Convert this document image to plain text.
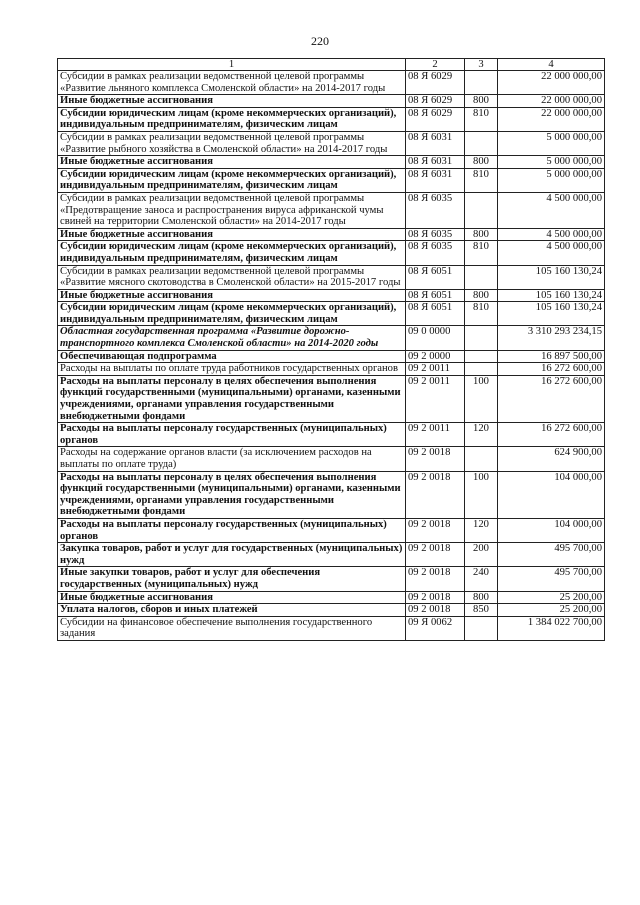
220
1	2	3	4
Субсидии в рамках реализации ведомственной целевой программы «Развитие льняного комплекса Смоленской области» на 2014-2017 годы	08 Я 6029		22 000 000,00
Иные бюджетные ассигнования	08 Я 6029	800	22 000 000,00
Субсидии юридическим лицам (кроме некоммерческих организаций), индивидуальным предпринимателям, физическим лицам	08 Я 6029	810	22 000 000,00
Субсидии в рамках реализации ведомственной целевой программы «Развитие рыбного хозяйства в Смоленской области» на 2014-2017 годы	08 Я 6031		5 000 000,00
Иные бюджетные ассигнования	08 Я 6031	800	5 000 000,00
Субсидии юридическим лицам (кроме некоммерческих организаций), индивидуальным предпринимателям, физическим лицам	08 Я 6031	810	5 000 000,00
Субсидии в рамках реализации ведомственной целевой программы «Предотвращение заноса и распространения вируса африканской чумы свиней на территории Смоленской области» на 2014-2017 годы	08 Я 6035		4 500 000,00
Иные бюджетные ассигнования	08 Я 6035	800	4 500 000,00
Субсидии юридическим лицам (кроме некоммерческих организаций), индивидуальным предпринимателям, физическим лицам	08 Я 6035	810	4 500 000,00
Субсидии в рамках реализации ведомственной целевой программы «Развитие мясного скотоводства в Смоленской области» на 2015-2017 годы	08 Я 6051		105 160 130,24
Иные бюджетные ассигнования	08 Я 6051	800	105 160 130,24
Субсидии юридическим лицам (кроме некоммерческих организаций), индивидуальным предпринимателям, физическим лицам	08 Я 6051	810	105 160 130,24
Областная государственная программа «Развитие дорожно-транспортного комплекса Смоленской области» на 2014-2020 годы	09 0 0000		3 310 293 234,15
Обеспечивающая подпрограмма	09 2 0000		16 897 500,00
Расходы на выплаты по оплате труда работников государственных органов	09 2 0011		16 272 600,00
Расходы на выплаты персоналу в целях обеспечения выполнения функций государственными (муниципальными) органами, казенными учреждениями, органами управления государственными внебюджетными фондами	09 2 0011	100	16 272 600,00
Расходы на выплаты персоналу государственных (муниципальных) органов	09 2 0011	120	16 272 600,00
Расходы на содержание органов власти (за исключением расходов на выплаты по оплате труда)	09 2 0018		624 900,00
Расходы на выплаты персоналу в целях обеспечения выполнения функций государственными (муниципальными) органами, казенными учреждениями, органами управления государственными внебюджетными фондами	09 2 0018	100	104 000,00
Расходы на выплаты персоналу государственных (муниципальных) органов	09 2 0018	120	104 000,00
Закупка товаров, работ и услуг для государственных (муниципальных) нужд	09 2 0018	200	495 700,00
Иные закупки товаров, работ и услуг для обеспечения государственных (муниципальных) нужд	09 2 0018	240	495 700,00
Иные бюджетные ассигнования	09 2 0018	800	25 200,00
Уплата налогов, сборов и иных платежей	09 2 0018	850	25 200,00
Субсидии на финансовое обеспечение выполнения государственного задания	09 Я 0062		1 384 022 700,00
